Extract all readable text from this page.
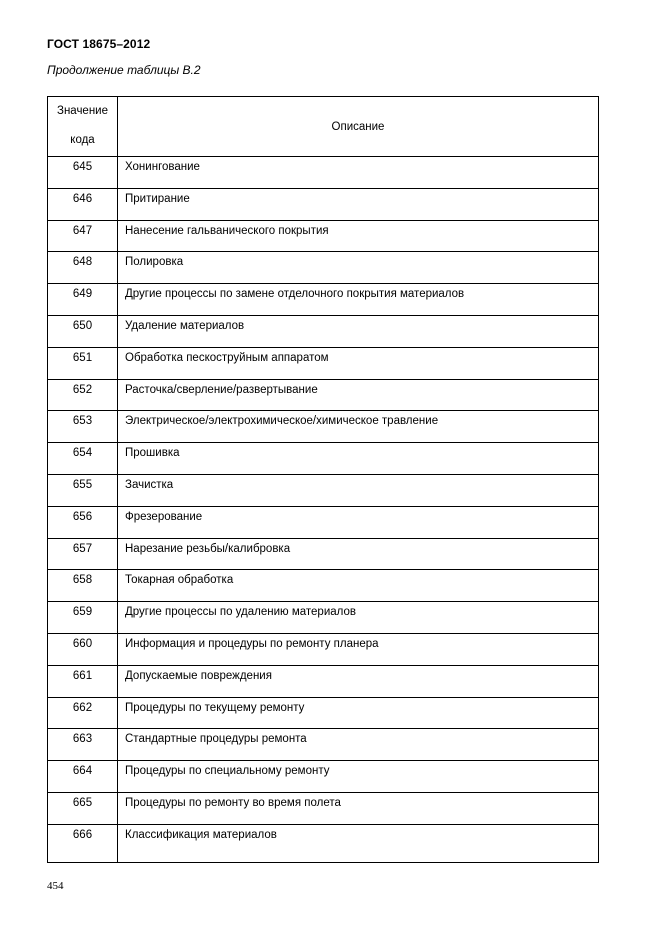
ГОСТ 18675–2012
Продолжение таблицы В.2
Значение
кода	Описание
645	Хонингование
646	Притирание
647	Нанесение гальванического покрытия
648	Полировка
649	Другие процессы по замене отделочного покрытия материалов
650	Удаление материалов
651	Обработка пескоструйным аппаратом
652	Расточка/сверление/развертывание
653	Электрическое/электрохимическое/химическое травление
654	Прошивка
655	Зачистка
656	Фрезерование
657	Нарезание резьбы/калибровка
658	Токарная обработка
659	Другие процессы по удалению материалов
660	Информация и процедуры по ремонту планера
661	Допускаемые повреждения
662	Процедуры по текущему ремонту
663	Стандартные процедуры ремонта
664	Процедуры по специальному ремонту
665	Процедуры по ремонту во время полета
666	Классификация материалов
454
